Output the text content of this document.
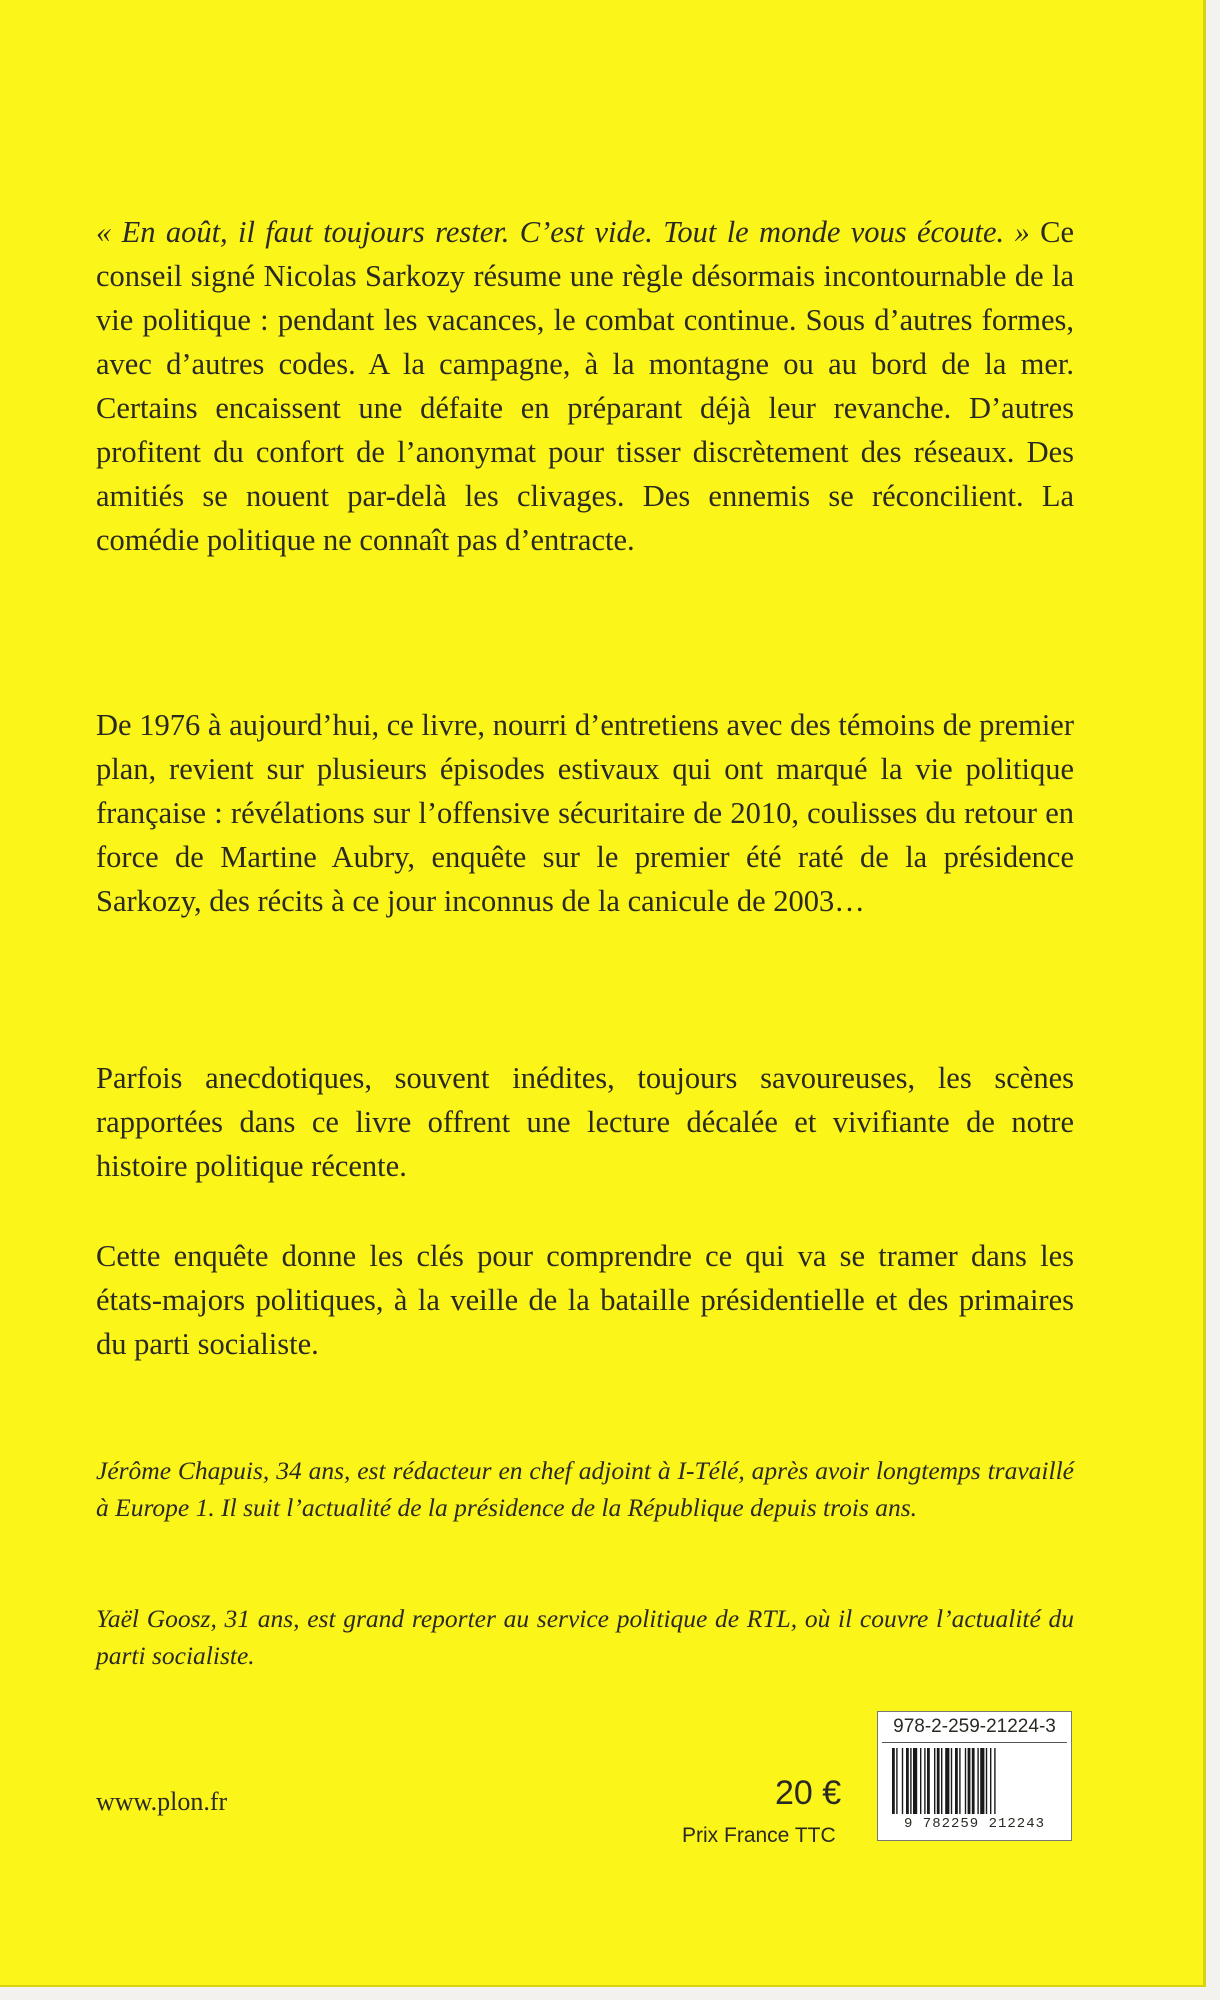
« En août, il faut toujours rester. C’est vide. Tout le monde vous écoute. » Ce conseil signé Nicolas Sarkozy résume une règle désormais incontournable de la vie politique : pendant les vacances, le combat continue. Sous d’autres formes, avec d’autres codes. A la campagne, à la montagne ou au bord de la mer. Certains encaissent une défaite en préparant déjà leur revanche. D’autres profitent du confort de l’anonymat pour tisser discrètement des réseaux. Des amitiés se nouent par-delà les clivages. Des ennemis se réconcilient. La comédie politique ne connaît pas d’entracte.

De 1976 à aujourd’hui, ce livre, nourri d’entretiens avec des témoins de premier plan, revient sur plusieurs épisodes estivaux qui ont marqué la vie politique française : révélations sur l’offensive sécuritaire de 2010, coulisses du retour en force de Martine Aubry, enquête sur le premier été raté de la présidence Sarkozy, des récits à ce jour inconnus de la canicule de 2003…

Parfois anecdotiques, souvent inédites, toujours savoureuses, les scènes rapportées dans ce livre offrent une lecture décalée et vivifiante de notre histoire politique récente.

Cette enquête donne les clés pour comprendre ce qui va se tramer dans les états-majors politiques, à la veille de la bataille présidentielle et des primaires du parti socialiste.

Jérôme Chapuis, 34 ans, est rédacteur en chef adjoint à I-Télé, après avoir longtemps travaillé à Europe 1. Il suit l’actualité de la présidence de la République depuis trois ans.

Yaël Goosz, 31 ans, est grand reporter au service politique de RTL, où il couvre l’actualité du parti socialiste.

www.plon.fr	20 €
Prix France TTC
978-2-259-21224-3
9 782259 212243
